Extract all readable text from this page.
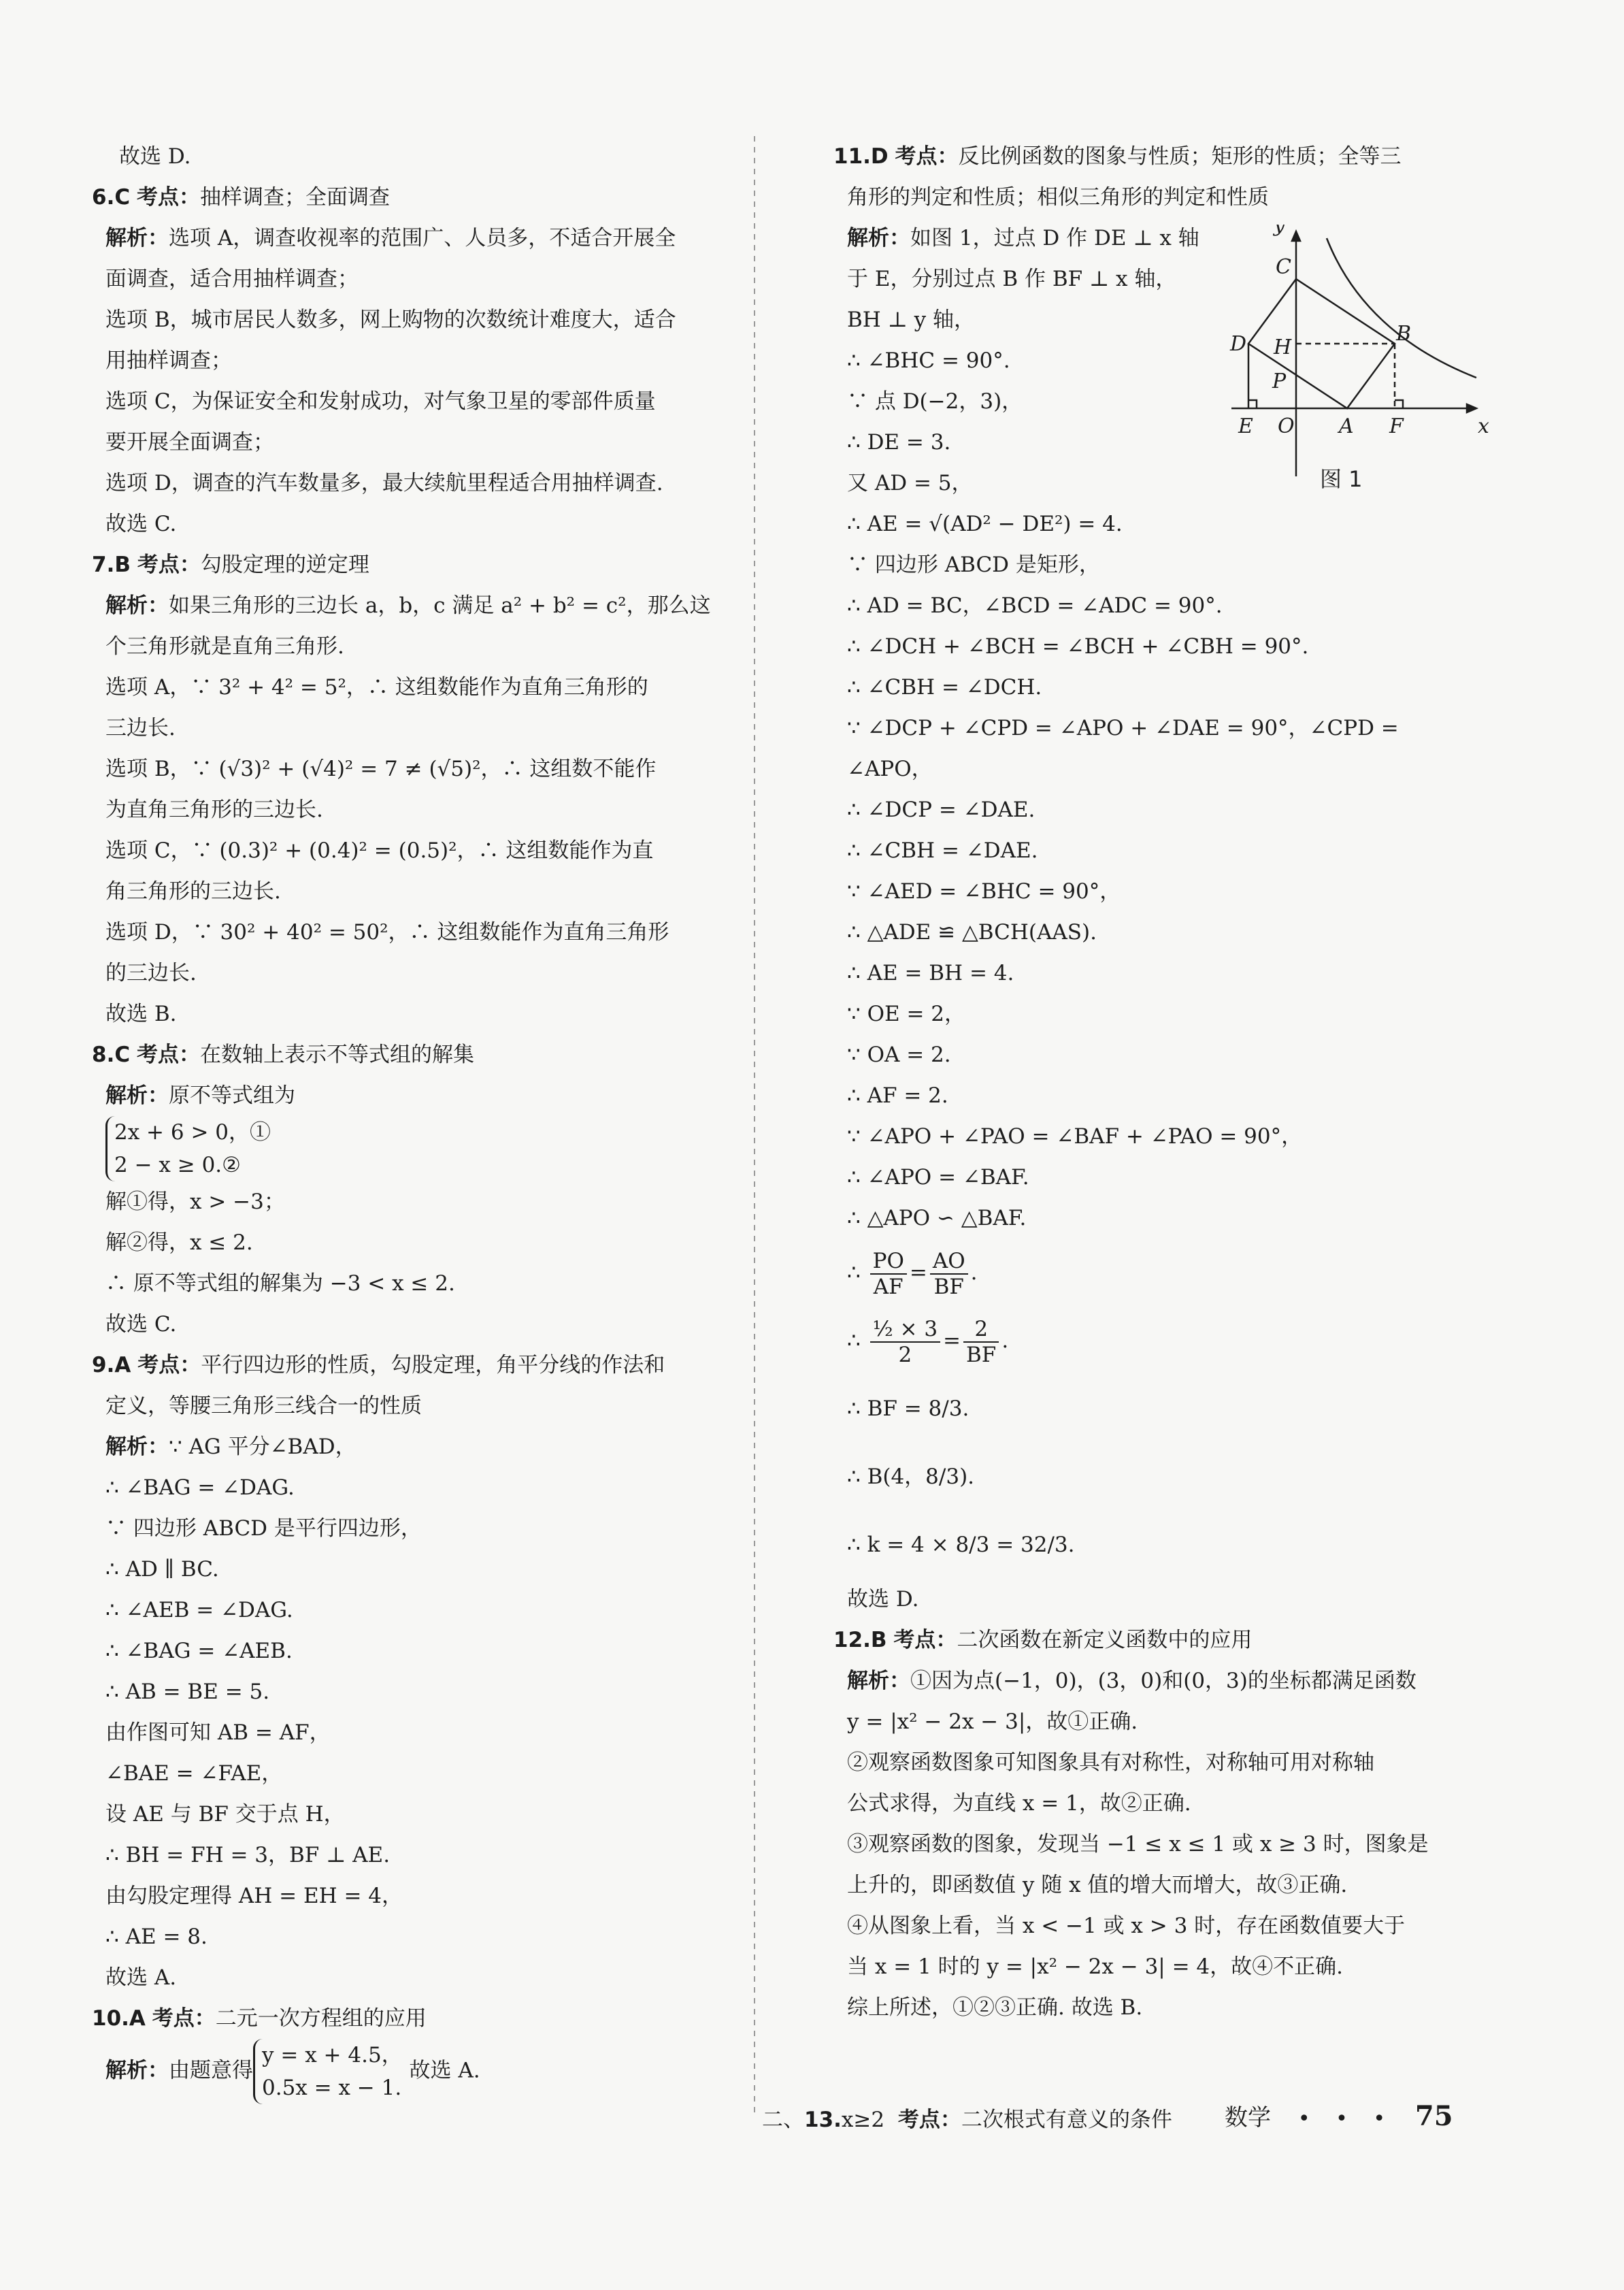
故选 D.
6.C 考点：抽样调查；全面调查
解析：选项 A，调查收视率的范围广、人员多，不适合开展全
面调查，适合用抽样调查；
选项 B，城市居民人数多，网上购物的次数统计难度大，适合
用抽样调查；
选项 C，为保证安全和发射成功，对气象卫星的零部件质量
要开展全面调查；
选项 D，调查的汽车数量多，最大续航里程适合用抽样调查.
故选 C.
7.B 考点：勾股定理的逆定理
解析：如果三角形的三边长 a，b，c 满足 a² + b² = c²，那么这
个三角形就是直角三角形.
选项 A，∵ 3² + 4² = 5²，∴ 这组数能作为直角三角形的
三边长.
选项 B，∵ (√3)² + (√4)² = 7 ≠ (√5)²，∴ 这组数不能作
为直角三角形的三边长.
选项 C，∵ (0.3)² + (0.4)² = (0.5)²，∴ 这组数能作为直
角三角形的三边长.
选项 D，∵ 30² + 40² = 50²，∴ 这组数能作为直角三角形
的三边长.
故选 B.
8.C 考点：在数轴上表示不等式组的解集
解析：原不等式组为
2x + 6 > 0，①
2 − x ≥ 0.②
解①得，x > −3；
解②得，x ≤ 2.
∴ 原不等式组的解集为 −3 < x ≤ 2.
故选 C.
9.A 考点：平行四边形的性质，勾股定理，角平分线的作法和
定义，等腰三角形三线合一的性质
解析：∵ AG 平分∠BAD，
∴ ∠BAG = ∠DAG.
∵ 四边形 ABCD 是平行四边形，
∴ AD ∥ BC.
∴ ∠AEB = ∠DAG.
∴ ∠BAG = ∠AEB.
∴ AB = BE = 5.
由作图可知 AB = AF，
∠BAE = ∠FAE，
设 AE 与 BF 交于点 H，
∴ BH = FH = 3，BF ⊥ AE.
由勾股定理得 AH = EH = 4，
∴ AE = 8.
故选 A.
10.A 考点：二元一次方程组的应用
解析：由题意得
y = x + 4.5，
0.5x = x − 1.
故选 A.
11.D 考点：反比例函数的图象与性质；矩形的性质；全等三
角形的判定和性质；相似三角形的判定和性质
解析：如图 1，过点 D 作 DE ⊥ x 轴
于 E，分别过点 B 作 BF ⊥ x 轴，
BH ⊥ y 轴，
∴ ∠BHC = 90°.
∵ 点 D(−2，3)，
∴ DE = 3.
又 AD = 5，
∴ AE = √(AD² − DE²) = 4.
∵ 四边形 ABCD 是矩形，
∴ AD = BC，∠BCD = ∠ADC = 90°.
∴ ∠DCH + ∠BCH = ∠BCH + ∠CBH = 90°.
∴ ∠CBH = ∠DCH.
∵ ∠DCP + ∠CPD = ∠APO + ∠DAE = 90°，∠CPD =
∠APO，
∴ ∠DCP = ∠DAE.
∴ ∠CBH = ∠DAE.
∵ ∠AED = ∠BHC = 90°，
∴ △ADE ≌ △BCH(AAS).
∴ AE = BH = 4.
∵ OE = 2，
∵ OA = 2.
∴ AF = 2.
∵ ∠APO + ∠PAO = ∠BAF + ∠PAO = 90°，
∴ ∠APO = ∠BAF.
∴ △APO ∽ △BAF.
∴ $\frac{PO}{AF} = \frac{AO}{BF}$ .
∴ $\frac{\text{½ × 3}}{2} = \frac{2}{BF}$ .
∴ BF = 8/3.
∴ B(4，8/3).
∴ k = 4 × 8/3 = 32/3.
故选 D.
12.B 考点：二次函数在新定义函数中的应用
解析：①因为点(−1，0)，(3，0)和(0，3)的坐标都满足函数
y = |x² − 2x − 3|，故①正确.
②观察函数图象可知图象具有对称性，对称轴可用对称轴
公式求得，为直线 x = 1，故②正确.
③观察函数的图象，发现当 −1 ≤ x ≤ 1 或 x ≥ 3 时，图象是
上升的，即函数值 y 随 x 值的增大而增大，故③正确.
④从图象上看，当 x < −1 或 x > 3 时，存在函数值要大于
当 x = 1 时的 y = |x² − 2x − 3| = 4，故④不正确.
综上所述，①②③正确. 故选 B.
y
x
C
D H
B
P
E O A F
图 1
二、13.x≥2 考点：二次根式有意义的条件 数学 • • • 75
